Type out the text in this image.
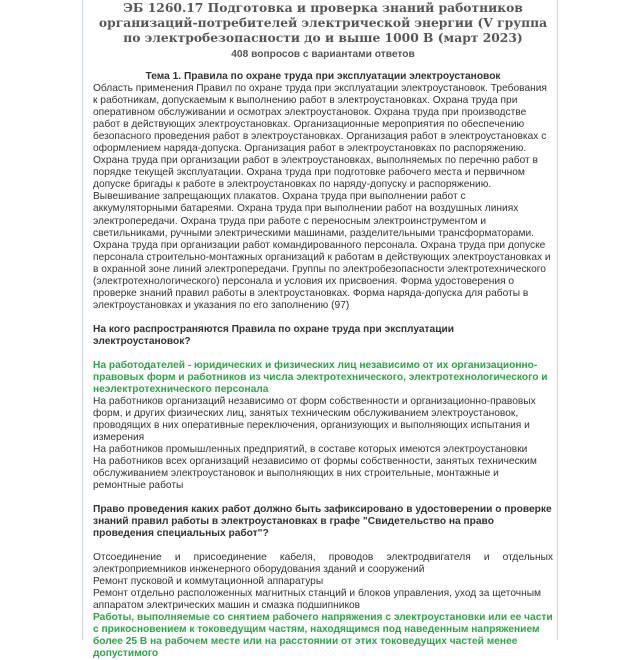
ЭБ 1260.17 Подготовка и проверка знаний работников организаций-потребителей электрической энергии (V группа по электробезопасности до и выше 1000 В (март 2023)

408 вопросов с вариантами ответов

Тема 1. Правила по охране труда при эксплуатации электроустановок

Область применения Правил по охране труда при эксплуатации электроустановок. Требования к работникам, допускаемым к выполнению работ в электроустановках. Охрана труда при оперативном обслуживании и осмотрах электроустановок. Охрана труда при производстве работ в действующих электроустановках. Организационные мероприятия по обеспечению безопасного проведения работ в электроустановках. Организация работ в электроустановках с оформлением наряда-допуска. Организация работ в электроустановках по распоряжению. Охрана труда при организации работ в электроустановках, выполняемых по перечню работ в порядке текущей эксплуатации. Охрана труда при подготовке рабочего места и первичном допуске бригады к работе в электроустановках по наряду-допуску и распоряжению. Вывешивание запрещающих плакатов. Охрана труда при выполнении работ с аккумуляторными батареями. Охрана труда при выполнении работ на воздушных линиях электропередачи. Охрана труда при работе с переносным электроинструментом и светильниками, ручными электрическими машинами, разделительными трансформаторами. Охрана труда при организации работ командированного персонала. Охрана труда при допуске персонала строительно-монтажных организаций к работам в действующих электроустановках и в охранной зоне линий электропередачи. Группы по электробезопасности электротехнического (электротехнологического) персонала и условия их присвоения. Форма удостоверения о проверке знаний правил работы в электроустановках. Форма наряда-допуска для работы в электроустановках и указания по его заполнению (97)

На кого распространяются Правила по охране труда при эксплуатации электроустановок?

На работодателей - юридических и физических лиц независимо от их организационно-правовых форм и работников из числа электротехнического, электротехнологического и неэлектротехнического персонала

На работников организаций независимо от форм собственности и организационно-правовых форм, и других физических лиц, занятых техническим обслуживанием электроустановок, проводящих в них оперативные переключения, организующих и выполняющих испытания и измерения

На работников промышленных предприятий, в составе которых имеются электроустановки

На работников всех организаций независимо от формы собственности, занятых техническим обслуживанием электроустановок и выполняющих в них строительные, монтажные и ремонтные работы

Право проведения каких работ должно быть зафиксировано в удостоверении о проверке знаний правил работы в электроустановках в графе "Свидетельство на право проведения специальных работ"?

Отсоединение и присоединение кабеля, проводов электродвигателя и отдельных электроприемников инженерного оборудования зданий и сооружений

Ремонт пусковой и коммутационной аппаратуры

Ремонт отдельно расположенных магнитных станций и блоков управления, уход за щеточным аппаратом электрических машин и смазка подшипников

Работы, выполняемые со снятием рабочего напряжения с электроустановки или ее части с прикосновением к токоведущим частям, находящимся под наведенным напряжением более 25 В на рабочем месте или на расстоянии от этих токоведущих частей менее допустимого
